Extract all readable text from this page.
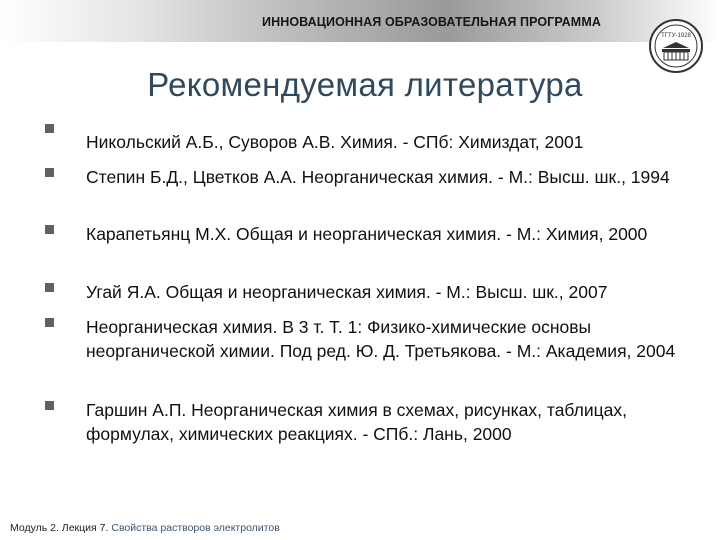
ИННОВАЦИОННАЯ ОБРАЗОВАТЕЛЬНАЯ ПРОГРАММА
ТГТУ-1928
Рекомендуемая литература
Никольский А.Б., Суворов А.В. Химия. - СПб: Химиздат, 2001
Степин Б.Д., Цветков А.А. Неорганическая химия. - М.: Высш. шк., 1994
Карапетьянц М.Х. Общая и неорганическая химия. - М.: Химия, 2000
Угай Я.А. Общая и неорганическая химия. - М.: Высш. шк., 2007
Неорганическая химия. В 3 т. Т. 1: Физико-химические основы неорганической химии. Под ред. Ю. Д. Третьякова. - М.: Академия, 2004
Гаршин А.П. Неорганическая химия в схемах, рисунках, таблицах, формулах, химических реакциях. - СПб.: Лань, 2000
Модуль 2. Лекция 7. Свойства растворов электролитов
